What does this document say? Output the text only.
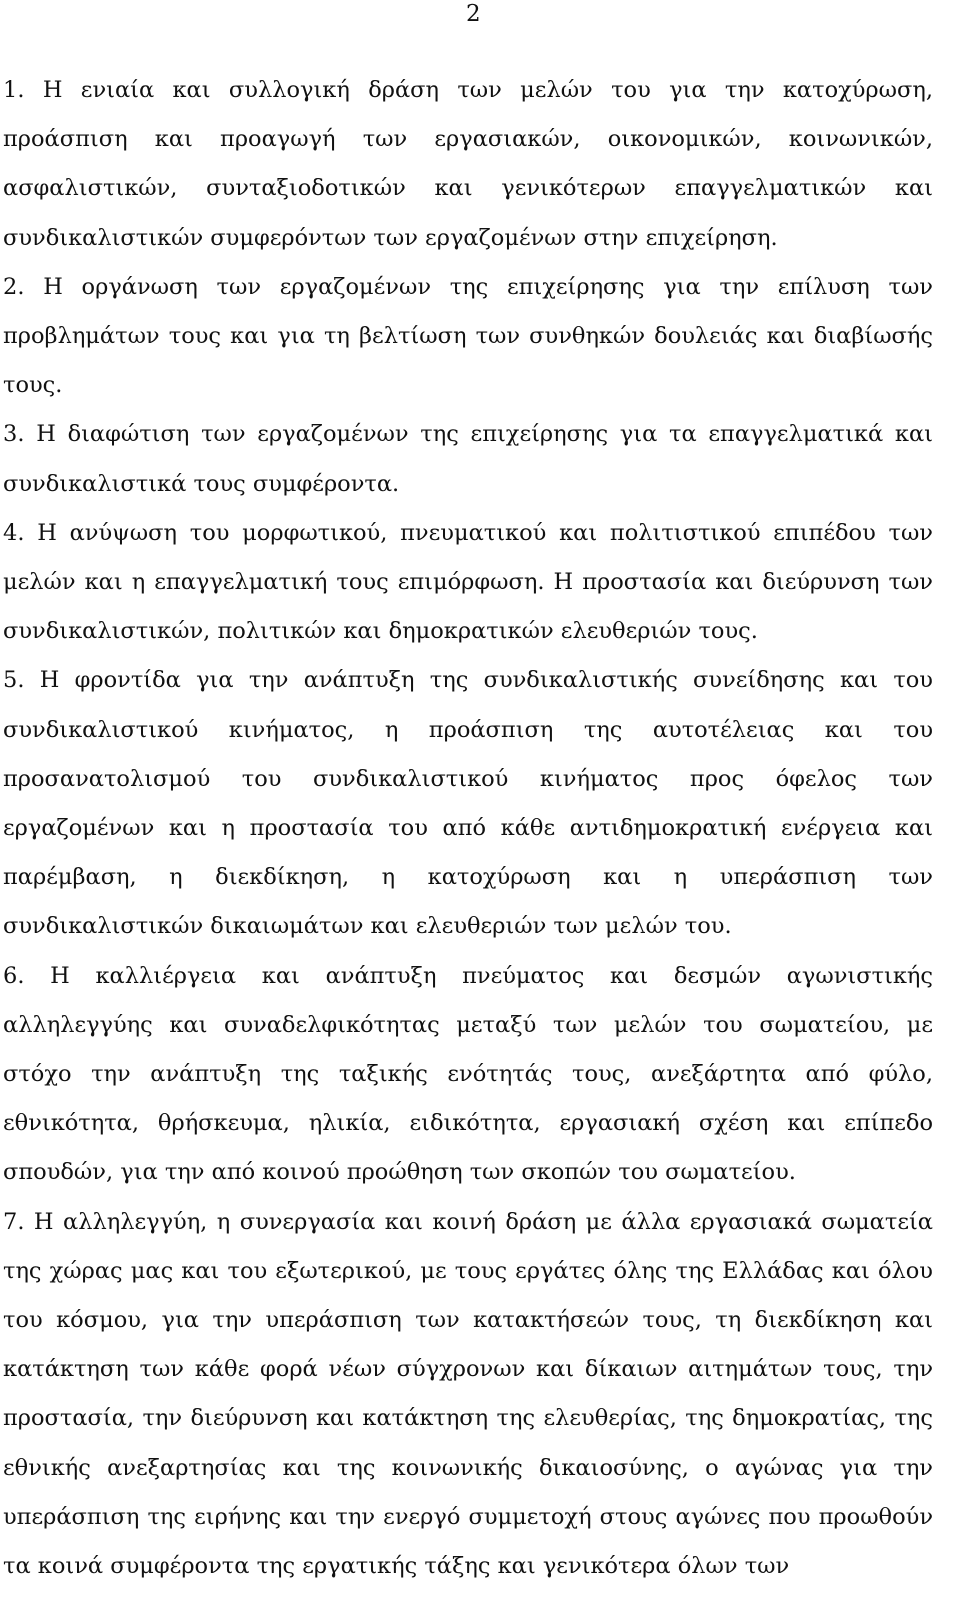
2

1. Η ενιαία και συλλογική δράση των μελών του για την κατοχύρωση, προάσπιση και προαγωγή των εργασιακών, οικονομικών, κοινωνικών, ασφαλιστικών, συνταξιοδοτικών και γενικότερων επαγγελματικών και συνδικαλιστικών συμφερόντων των εργαζομένων στην επιχείρηση.

2. Η οργάνωση των εργαζομένων της επιχείρησης για την επίλυση των προβλημάτων τους και για τη βελτίωση των συνθηκών δουλειάς και διαβίωσής τους.

3. Η διαφώτιση των εργαζομένων της επιχείρησης για τα επαγγελματικά και συνδικαλιστικά τους συμφέροντα.

4. Η ανύψωση του μορφωτικού, πνευματικού και πολιτιστικού επιπέδου των μελών και η επαγγελματική τους επιμόρφωση. Η προστασία και διεύρυνση των συνδικαλιστικών, πολιτικών και δημοκρατικών ελευθεριών τους.

5. Η φροντίδα για την ανάπτυξη της συνδικαλιστικής συνείδησης και του συνδικαλιστικού κινήματος, η προάσπιση της αυτοτέλειας και του προσανατολισμού του συνδικαλιστικού κινήματος προς όφελος των εργαζομένων και η προστασία του από κάθε αντιδημοκρατική ενέργεια και παρέμβαση, η διεκδίκηση, η κατοχύρωση και η υπεράσπιση των συνδικαλιστικών δικαιωμάτων και ελευθεριών των μελών του.

6. Η καλλιέργεια και ανάπτυξη πνεύματος και δεσμών αγωνιστικής αλληλεγγύης και συναδελφικότητας μεταξύ των μελών του σωματείου, με στόχο την ανάπτυξη της ταξικής ενότητάς τους, ανεξάρτητα από φύλο, εθνικότητα, θρήσκευμα, ηλικία, ειδικότητα, εργασιακή σχέση και επίπεδο σπουδών, για την από κοινού προώθηση των σκοπών του σωματείου.

7. Η αλληλεγγύη, η συνεργασία και κοινή δράση με άλλα εργασιακά σωματεία της χώρας μας και του εξωτερικού, με τους εργάτες όλης της Ελλάδας και όλου του κόσμου, για την υπεράσπιση των κατακτήσεών τους, τη διεκδίκηση και κατάκτηση των κάθε φορά νέων σύγχρονων και δίκαιων αιτημάτων τους, την προστασία, την διεύρυνση και κατάκτηση της ελευθερίας, της δημοκρατίας, της εθνικής ανεξαρτησίας και της κοινωνικής δικαιοσύνης, ο αγώνας για την υπεράσπιση της ειρήνης και την ενεργό συμμετοχή στους αγώνες που προωθούν τα κοινά συμφέροντα της εργατικής τάξης και γενικότερα όλων των
